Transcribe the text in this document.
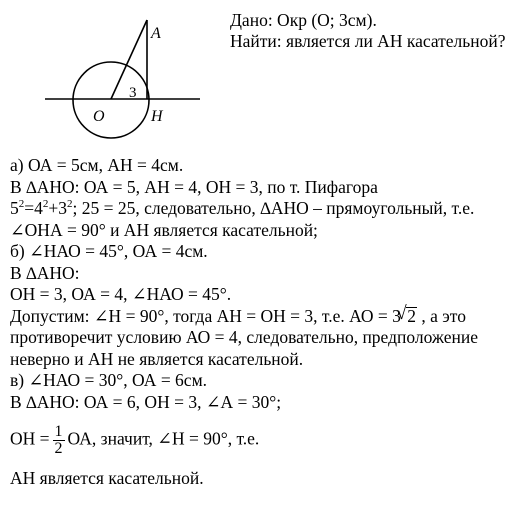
A
3
O	H
Дано: Окр (О; 3см).
Найти: является ли АН касательной?
а) ОА = 5см, АН = 4см.
В ∆АНО: ОА = 5, АН = 4, ОН = 3, по т. Пифагора
$5^2=4^2+3^2$; 25 = 25, следовательно, ∆АНО – прямоугольный, т.е.
∠ОНА = 90° и АН является касательной;
б) ∠НАО = 45°, ОА = 4см.
В ∆АНО:
ОН = 3, ОА = 4, ∠НАО = 45°.
Допустим: ∠Н = 90°, тогда АН = ОН = 3, т.е. АО = 3 √ 2 , а это
противоречит условию АО = 4, следовательно, предположение
неверно и АН не является касательной.
в) ∠НАО = 30°, ОА = 6см.
В ∆АНО: ОА = 6, ОН = 3, ∠А = 30°;
ОН = $\frac{1}{2}$ ОА, значит, ∠Н = 90°, т.е.
АН является касательной.
